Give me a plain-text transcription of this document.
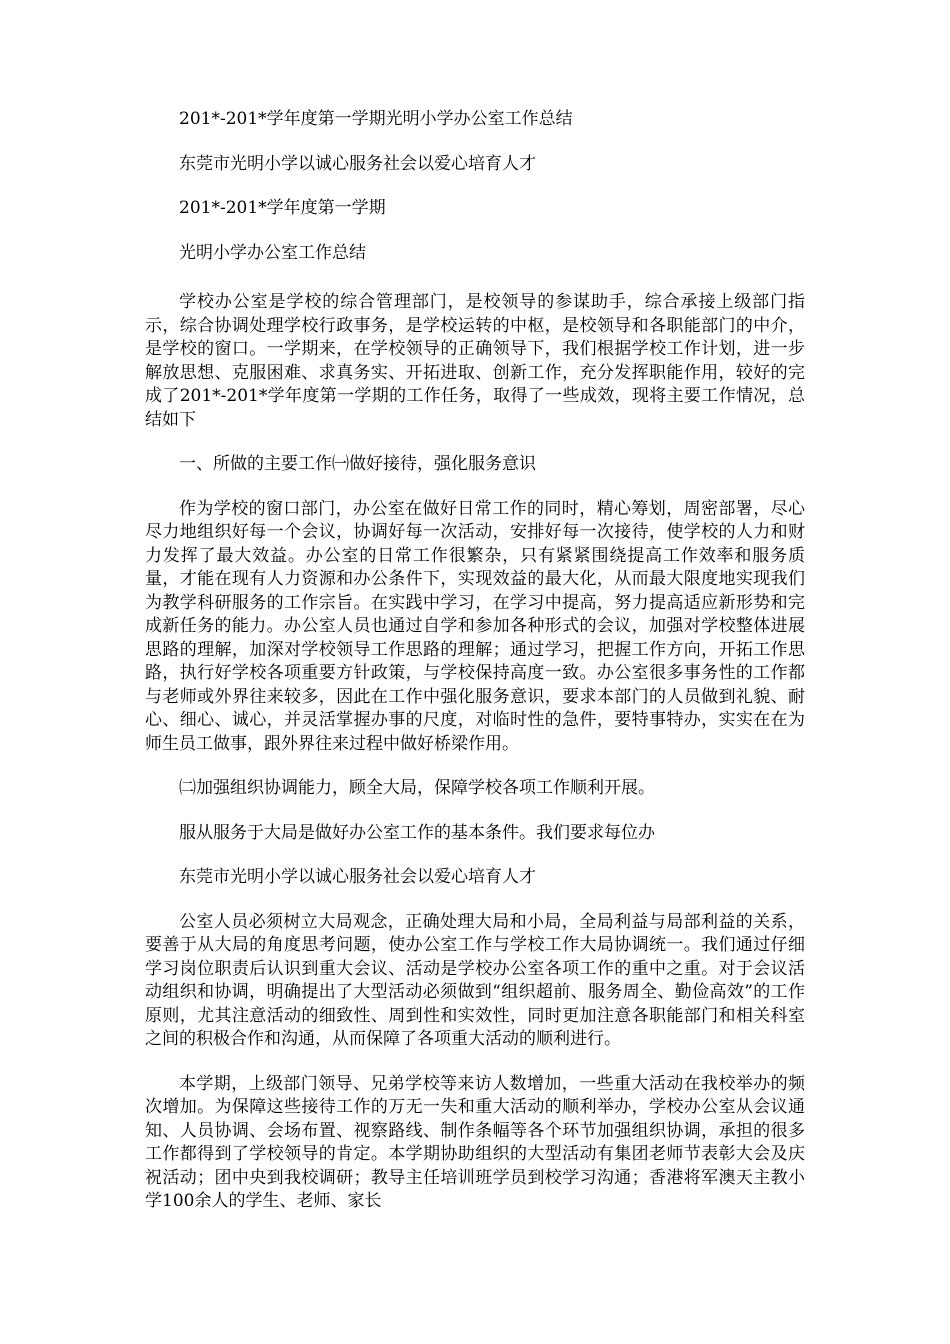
201*-201*学年度第一学期光明小学办公室工作总结

东莞市光明小学以诚心服务社会以爱心培育人才

201*-201*学年度第一学期

光明小学办公室工作总结

学校办公室是学校的综合管理部门，是校领导的参谋助手，综合承接上级部门指示，综合协调处理学校行政事务，是学校运转的中枢，是校领导和各职能部门的中介，是学校的窗口。一学期来，在学校领导的正确领导下，我们根据学校工作计划，进一步解放思想、克服困难、求真务实、开拓进取、创新工作，充分发挥职能作用，较好的完成了201*-201*学年度第一学期的工作任务，取得了一些成效，现将主要工作情况，总结如下

一、所做的主要工作㈠做好接待，强化服务意识

作为学校的窗口部门，办公室在做好日常工作的同时，精心筹划，周密部署，尽心尽力地组织好每一个会议，协调好每一次活动，安排好每一次接待，使学校的人力和财力发挥了最大效益。办公室的日常工作很繁杂，只有紧紧围绕提高工作效率和服务质量，才能在现有人力资源和办公条件下，实现效益的最大化，从而最大限度地实现我们为教学科研服务的工作宗旨。在实践中学习，在学习中提高，努力提高适应新形势和完成新任务的能力。办公室人员也通过自学和参加各种形式的会议，加强对学校整体进展思路的理解，加深对学校领导工作思路的理解；通过学习，把握工作方向，开拓工作思路，执行好学校各项重要方针政策，与学校保持高度一致。办公室很多事务性的工作都与老师或外界往来较多，因此在工作中强化服务意识，要求本部门的人员做到礼貌、耐心、细心、诚心，并灵活掌握办事的尺度，对临时性的急件，要特事特办，实实在在为师生员工做事，跟外界往来过程中做好桥梁作用。

㈡加强组织协调能力，顾全大局，保障学校各项工作顺利开展。

服从服务于大局是做好办公室工作的基本条件。我们要求每位办

东莞市光明小学以诚心服务社会以爱心培育人才

公室人员必须树立大局观念，正确处理大局和小局，全局利益与局部利益的关系，要善于从大局的角度思考问题，使办公室工作与学校工作大局协调统一。我们通过仔细学习岗位职责后认识到重大会议、活动是学校办公室各项工作的重中之重。对于会议活动组织和协调，明确提出了大型活动必须做到“组织超前、服务周全、勤俭高效”的工作原则，尤其注意活动的细致性、周到性和实效性，同时更加注意各职能部门和相关科室之间的积极合作和沟通，从而保障了各项重大活动的顺利进行。

本学期，上级部门领导、兄弟学校等来访人数增加，一些重大活动在我校举办的频次增加。为保障这些接待工作的万无一失和重大活动的顺利举办，学校办公室从会议通知、人员协调、会场布置、视察路线、制作条幅等各个环节加强组织协调，承担的很多工作都得到了学校领导的肯定。本学期协助组织的大型活动有集团老师节表彰大会及庆祝活动；团中央到我校调研；教导主任培训班学员到校学习沟通；香港将军澳天主教小学100余人的学生、老师、家长
